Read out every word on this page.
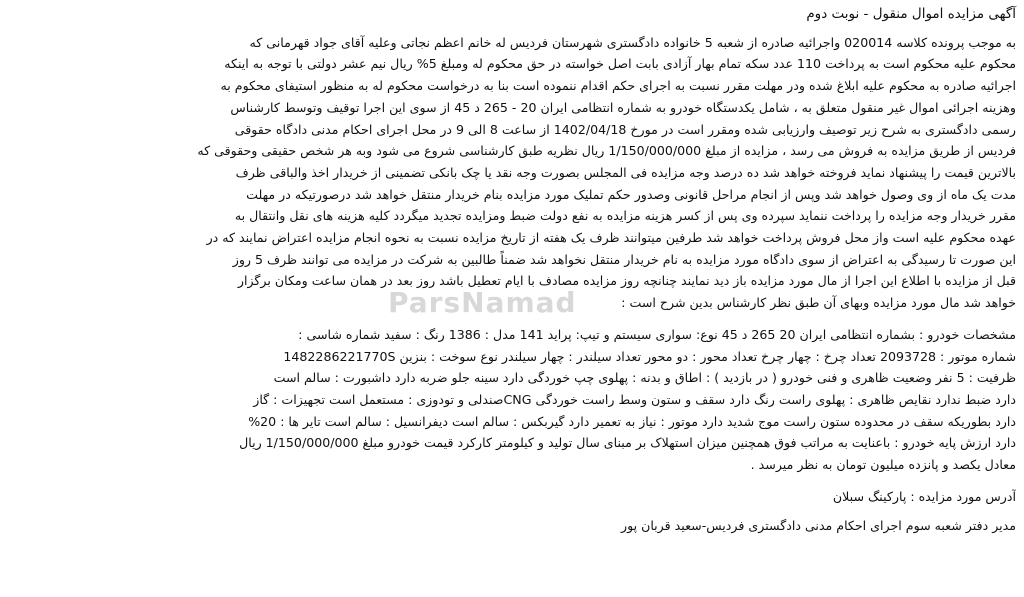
آگهی مزایده اموال منقول - نوبت دوم
به موجب پرونده کلاسه 020014 واجرائیه صادره از شعبه 5 خانواده دادگستری شهرستان فردیس له خانم اعظم نجاتی وعلیه آقای جواد قهرمانی که
محکوم علیه محکوم است به پرداخت 110 عدد سکه تمام بهار آزادی بابت اصل خواسته در حق محکوم له ومبلغ 5% ریال نیم عشر دولتی با توجه به اینکه
اجرائیه صادره به محکوم علیه ابلاغ شده ودر مهلت مقرر نسبت به اجرای حکم اقدام ننموده است بنا به درخواست محکوم له به منظور استیفای محکوم به
وهزینه اجرائی اموال غیر منقول متعلق به ، شامل یکدستگاه خودرو به شماره انتظامی ایران 20 - 265 د 45 از سوی این اجرا توقیف وتوسط کارشناس
رسمی دادگستری به شرح زیر توصیف وارزیابی شده ومقرر است در مورخ 1402/04/18 از ساعت 8 الی 9 در محل اجرای احکام مدنی دادگاه حقوقی
فردیس از طریق مزایده به فروش می رسد ، مزایده از مبلغ 1/150/000/000 ریال نظریه طبق کارشناسی شروع می شود وبه هر شخص حقیقی وحقوقی که
بالاترین قیمت را پیشنهاد نماید فروخته خواهد شد ده درصد وجه مزایده فی المجلس بصورت وجه نقد یا چک بانکی تضمینی از خریدار اخذ والباقی ظرف
مدت یک ماه از وی وصول خواهد شد وپس از انجام مراحل قانونی وصدور حکم تملیک مورد مزایده بنام خریدار منتقل خواهد شد درصورتیکه در مهلت
مقرر خریدار وجه مزایده را پرداخت ننماید سپرده وی پس از کسر هزینه مزایده به نفع دولت ضبط ومزایده تجدید میگردد کلیه هزینه های نقل وانتقال به
عهده محکوم علیه است واز محل فروش پرداخت خواهد شد طرفین میتوانند ظرف یک هفته از تاریخ مزایده نسبت به نحوه انجام مزایده اعتراض نمایند که در
این صورت تا رسیدگی به اعتراض از سوی دادگاه مورد مزایده به نام خریدار منتقل نخواهد شد ضمناً طالبین به شرکت در مزایده می توانند ظرف 5 روز
قبل از مزایده با اطلاع این اجرا از مال مورد مزایده باز دید نمایند چنانچه روز مزایده مصادف با ایام تعطیل باشد روز بعد در همان ساعت ومکان برگزار
خواهد شد مال مورد مزایده وبهای آن طبق نظر کارشناس بدین شرح است :
مشخصات خودرو : بشماره انتظامی ایران 20 265 د 45 نوع: سواری سیستم و تیپ: پراید 141 مدل : 1386 رنگ : سفید شماره شاسی :
شماره موتور : 2093728 تعداد چرخ : چهار چرخ تعداد محور : دو محور تعداد سیلندر : چهار سیلندر نوع سوخت : بنزین 1482286221770S
ظرفیت : 5 نفر وضعیت ظاهری و فنی خودرو ( در بازدید ) : اطاق و بدنه : پهلوی چپ خوردگی دارد سینه جلو ضربه دارد داشبورت : سالم است
دارد ضبط ندارد نقایص ظاهری : پهلوی راست رنگ دارد سقف و ستون وسط راست خوردگی CNGصندلی و تودوزی : مستعمل است تجهیزات : گاز
دارد بطوریکه سقف در محدوده ستون راست موج شدید دارد موتور : نیاز به تعمیر دارد گیربکس : سالم است دیفرانسیل : سالم است تایر ها : 20%
دارد ارزش پایه خودرو : باعنایت به مراتب فوق همچنین میزان استهلاک بر مبنای سال تولید و کیلومتر کارکرد قیمت خودرو مبلغ 1/150/000/000 ریال
معادل یکصد و پانزده میلیون تومان به نظر میرسد .
آدرس مورد مزایده : پارکینگ سبلان
مدیر دفتر شعبه سوم اجرای احکام مدنی دادگستری فردیس-سعید قربان پور
ParsNamad
